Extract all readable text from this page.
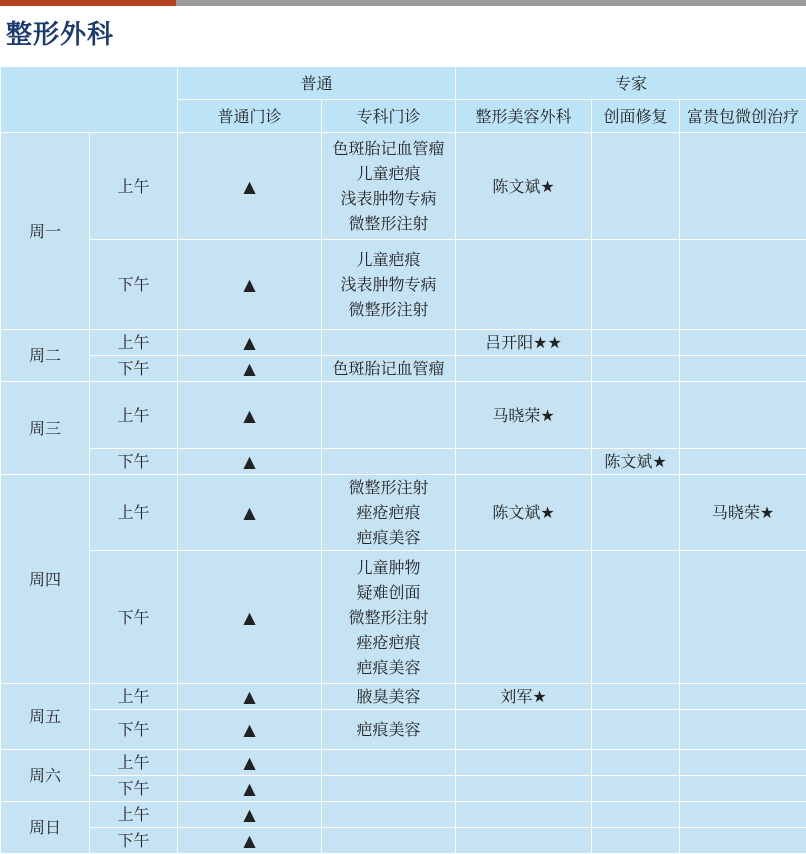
整形外科
		普通		专家		
		普通门诊	专科门诊	整形美容外科	创面修复	富贵包微创治疗
周一	上午	▲	色斑胎记血管瘤
儿童疤痕
浅表肿物专病
微整形注射	陈文斌★		
	下午	▲	儿童疤痕
浅表肿物专病
微整形注射			

周二	上午	▲		吕开阳★★		
	下午	▲	色斑胎记血管瘤			

周三	上午	▲		马晓荣★		
	下午	▲			陈文斌★	
周四	上午	▲	微整形注射
痤疮疤痕
疤痕美容	陈文斌★		马晓荣★
	下午	▲	儿童肿物
疑难创面
微整形注射
痤疮疤痕
疤痕美容			

周五	上午	▲	腋臭美容	刘军★		
	下午	▲	疤痕美容			

周六	上午	▲	

	下午	▲	

周日	上午	▲	

	下午	▲	
